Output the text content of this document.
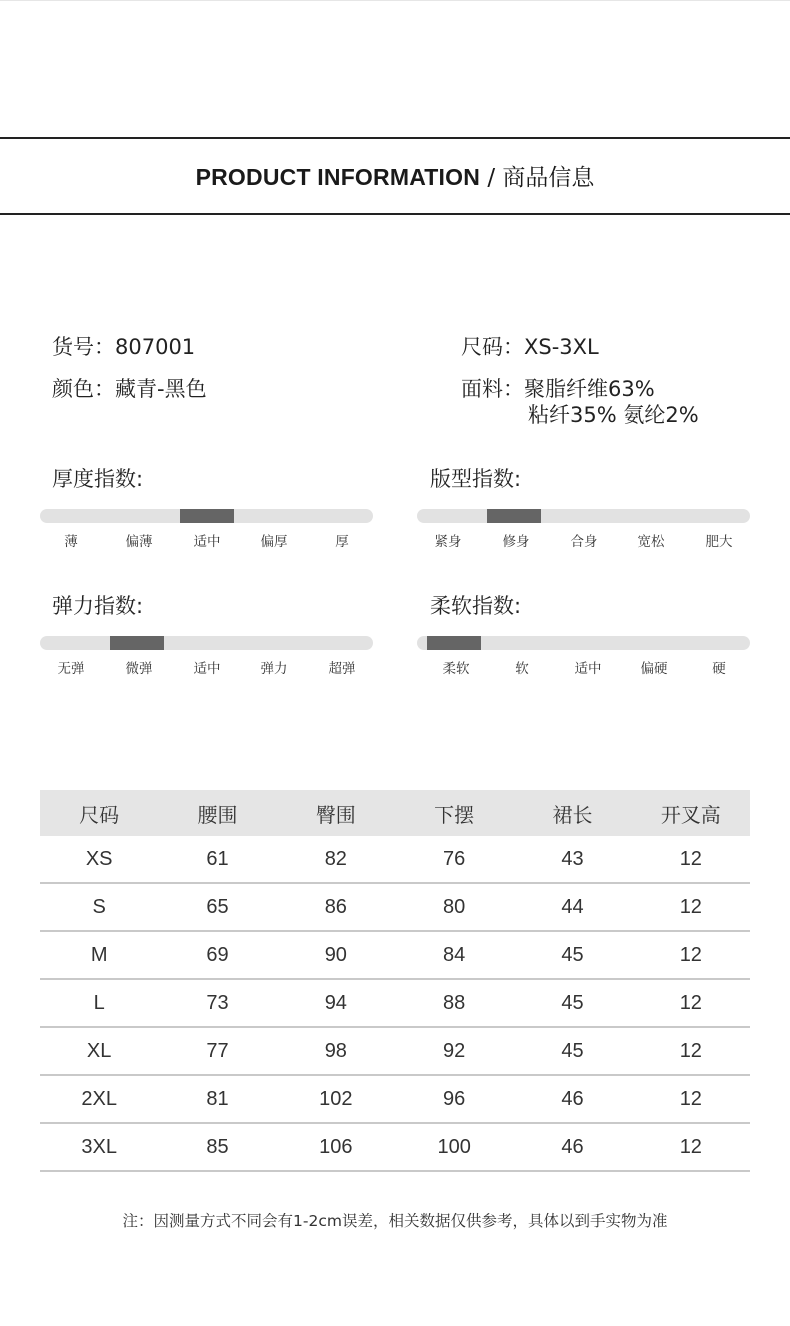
PRODUCT INFORMATION / 商品信息
货号：807001
颜色：藏青-黑色
尺码：XS-3XL
面料：聚脂纤维63%
粘纤35% 氨纶2%
厚度指数:
薄	偏薄	适中	偏厚	厚
版型指数:
紧身	修身	合身	宽松	肥大
弹力指数:
无弹	微弹	适中	弹力	超弹
柔软指数:
柔软	软	适中	偏硬	硬
尺码	腰围	臀围	下摆	裙长	开叉高
XS	61	82	76	43	12
S	65	86	80	44	12
M	69	90	84	45	12
L	73	94	88	45	12
XL	77	98	92	45	12
2XL	81	102	96	46	12
3XL	85	106	100	46	12
注：因测量方式不同会有1-2cm误差，相关数据仅供参考，具体以到手实物为准
